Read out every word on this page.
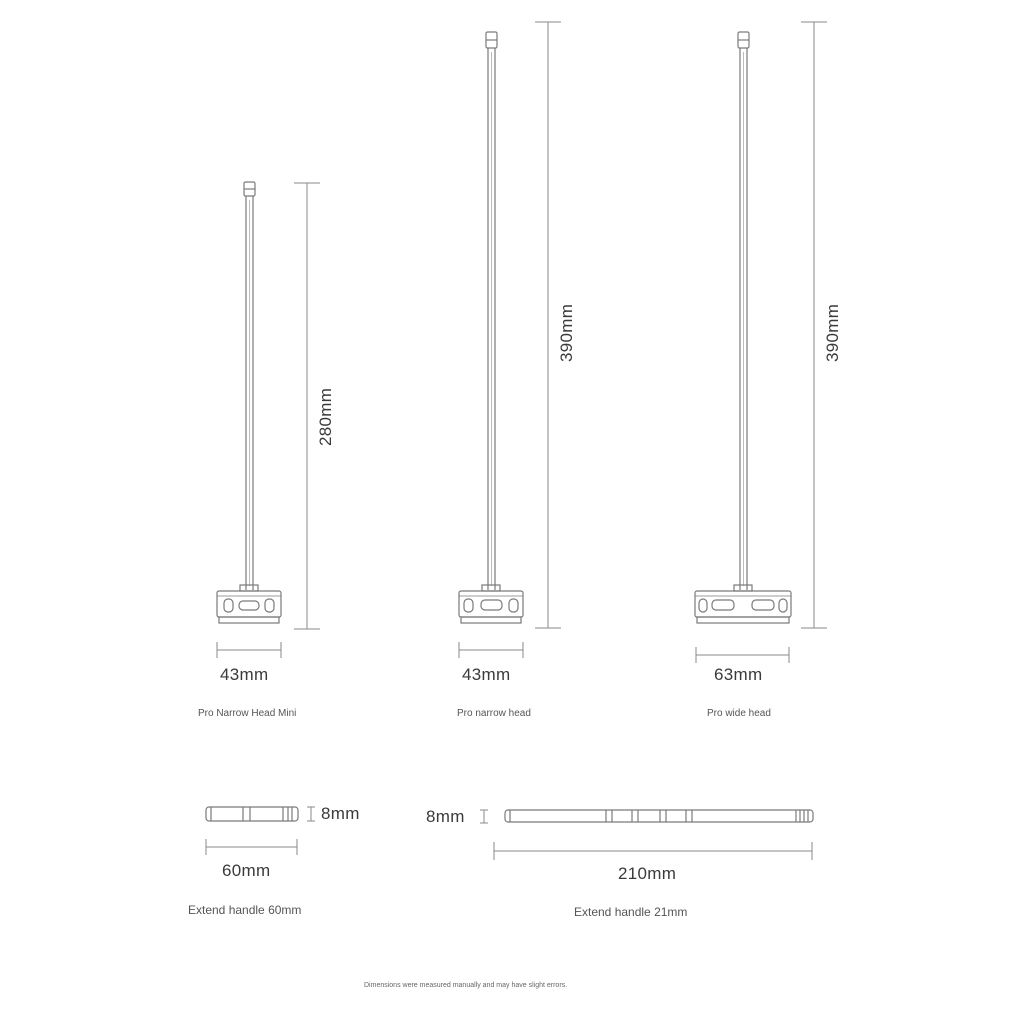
280mm
43mm
Pro Narrow Head Mini
390mm
43mm
Pro narrow head
390mm
63mm
Pro wide head
8mm
60mm
Extend handle 60mm
8mm
210mm
Extend handle 21mm
Dimensions were measured manually and may have slight errors.
